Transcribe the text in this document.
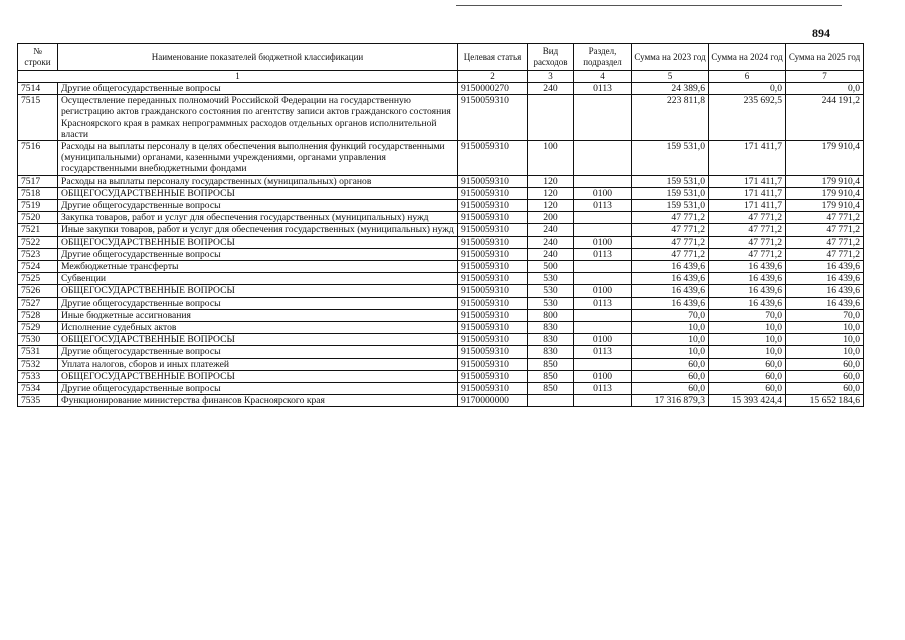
894
№ строки	Наименование показателей бюджетной классификации	Целевая статья	Вид расходов	Раздел, подраздел	Сумма на 2023 год	Сумма на 2024 год	Сумма на 2025 год
1		2	3	4	5	6	7
7514	Другие общегосударственные вопросы	9150000270	240	0113	24 389,6	0,0	0,0
7515	Осуществление переданных полномочий Российской Федерации на государственную регистрацию актов гражданского состояния по агентству записи актов гражданского состояния Красноярского края в рамках непрограммных расходов отдельных органов исполнительной власти	9150059310			223 811,8	235 692,5	244 191,2
7516	Расходы на выплаты персоналу в целях обеспечения выполнения функций государственными (муниципальными) органами, казенными учреждениями, органами управления государственными внебюджетными фондами	9150059310	100		159 531,0	171 411,7	179 910,4
7517	Расходы на выплаты персоналу государственных (муниципальных) органов	9150059310	120		159 531,0	171 411,7	179 910,4
7518	ОБЩЕГОСУДАРСТВЕННЫЕ ВОПРОСЫ	9150059310	120	0100	159 531,0	171 411,7	179 910,4
7519	Другие общегосударственные вопросы	9150059310	120	0113	159 531,0	171 411,7	179 910,4
7520	Закупка товаров, работ и услуг для обеспечения государственных (муниципальных) нужд	9150059310	200		47 771,2	47 771,2	47 771,2
7521	Иные закупки товаров, работ и услуг для обеспечения государственных (муниципальных) нужд	9150059310	240		47 771,2	47 771,2	47 771,2
7522	ОБЩЕГОСУДАРСТВЕННЫЕ ВОПРОСЫ	9150059310	240	0100	47 771,2	47 771,2	47 771,2
7523	Другие общегосударственные вопросы	9150059310	240	0113	47 771,2	47 771,2	47 771,2
7524	Межбюджетные трансферты	9150059310	500		16 439,6	16 439,6	16 439,6
7525	Субвенции	9150059310	530		16 439,6	16 439,6	16 439,6
7526	ОБЩЕГОСУДАРСТВЕННЫЕ ВОПРОСЫ	9150059310	530	0100	16 439,6	16 439,6	16 439,6
7527	Другие общегосударственные вопросы	9150059310	530	0113	16 439,6	16 439,6	16 439,6
7528	Иные бюджетные ассигнования	9150059310	800		70,0	70,0	70,0
7529	Исполнение судебных актов	9150059310	830		10,0	10,0	10,0
7530	ОБЩЕГОСУДАРСТВЕННЫЕ ВОПРОСЫ	9150059310	830	0100	10,0	10,0	10,0
7531	Другие общегосударственные вопросы	9150059310	830	0113	10,0	10,0	10,0
7532	Уплата налогов, сборов и иных платежей	9150059310	850		60,0	60,0	60,0
7533	ОБЩЕГОСУДАРСТВЕННЫЕ ВОПРОСЫ	9150059310	850	0100	60,0	60,0	60,0
7534	Другие общегосударственные вопросы	9150059310	850	0113	60,0	60,0	60,0
7535	Функционирование министерства финансов Красноярского края	9170000000			17 316 879,3	15 393 424,4	15 652 184,6
